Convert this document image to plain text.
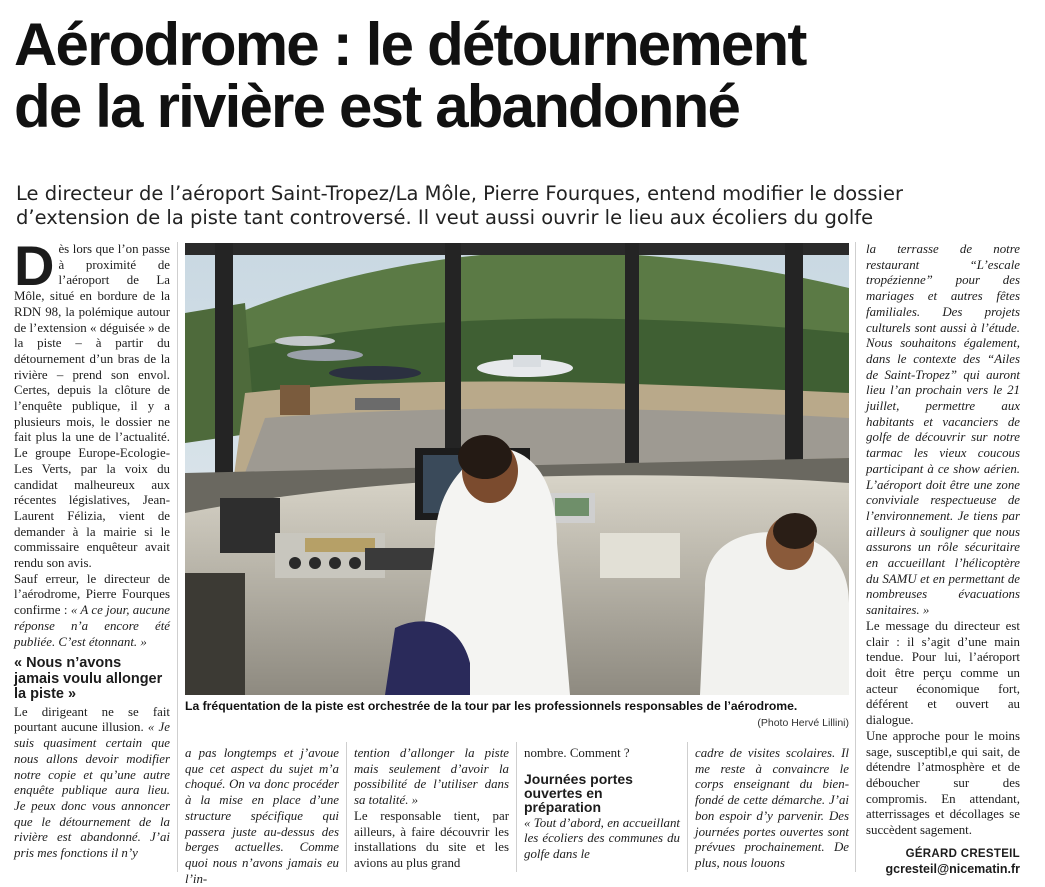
Aérodrome : le détournement
de la rivière est abandonné

Le directeur de l’aéroport Saint-Tropez/La Môle, Pierre Fourques, entend modifier le dossier
d’extension de la piste tant controversé. Il veut aussi ouvrir le lieu aux écoliers du golfe

Dès lors que l’on passe à proximité de l’aéroport de La Môle, situé en bordure de la RDN 98, la polémique autour de l’extension « déguisée » de la piste – à partir du détournement d’un bras de la rivière – prend son envol. Certes, depuis la clôture de l’enquête publique, il y a plusieurs mois, le dossier ne fait plus la une de l’actualité. Le groupe Europe-Ecologie-Les Verts, par la voix du candidat malheureux aux récentes législatives, Jean-Laurent Félizia, vient de demander à la mairie si le commissaire enquêteur avait rendu son avis.

Sauf erreur, le directeur de l’aérodrome, Pierre Fourques confirme : « A ce jour, aucune réponse n’a encore été publiée. C’est étonnant. »

« Nous n’avons jamais voulu allonger la piste »

Le dirigeant ne se fait pourtant aucune illusion. « Je suis quasiment certain que nous allons devoir modifier notre copie et qu’une autre enquête publique aura lieu. Je peux donc vous annoncer que le détournement de la rivière est abandonné. J’ai pris mes fonctions il n’y

La fréquentation de la piste est orchestrée de la tour par les professionnels responsables de l’aérodrome.
(Photo Hervé Lillini)

a pas longtemps et j’avoue que cet aspect du sujet m’a choqué. On va donc procéder à la mise en place d’une structure spécifique qui passera juste au-dessus des berges actuelles. Comme quoi nous n’avons jamais eu l’in-

tention d’allonger la piste mais seulement d’avoir la possibilité de l’utiliser dans sa totalité. »

Le responsable tient, par ailleurs, à faire découvrir les installations du site et les avions au plus grand

nombre. Comment ?

Journées portes ouvertes en préparation

« Tout d’abord, en accueillant les écoliers des communes du golfe dans le

cadre de visites scolaires. Il me reste à convaincre le corps enseignant du bien-fondé de cette démarche. J’ai bon espoir d’y parvenir. Des journées portes ouvertes sont prévues prochainement. De plus, nous louons

la terrasse de notre restaurant “L’escale tropézienne” pour des mariages et autres fêtes familiales. Des projets culturels sont aussi à l’étude. Nous souhaitons également, dans le contexte des “Ailes de Saint-Tropez” qui auront lieu l’an prochain vers le 21 juillet, permettre aux habitants et vacanciers de golfe de découvrir sur notre tarmac les vieux coucous participant à ce show aérien. L’aéroport doit être une zone conviviale respectueuse de l’environnement. Je tiens par ailleurs à souligner que nous assurons un rôle sécuritaire en accueillant l’hélicoptère du SAMU et en permettant de nombreuses évacuations sanitaires. »

Le message du directeur est clair : il s’agit d’une main tendue. Pour lui, l’aéroport doit être perçu comme un acteur économique fort, déférent et ouvert au dialogue.

Une approche pour le moins sage, susceptibl,e qui sait, de détendre l’atmosphère et de déboucher sur des compromis. En attendant, atterrissages et décollages se succèdent sagement.

GÉRARD CRESTEIL
gcresteil@nicematin.fr
